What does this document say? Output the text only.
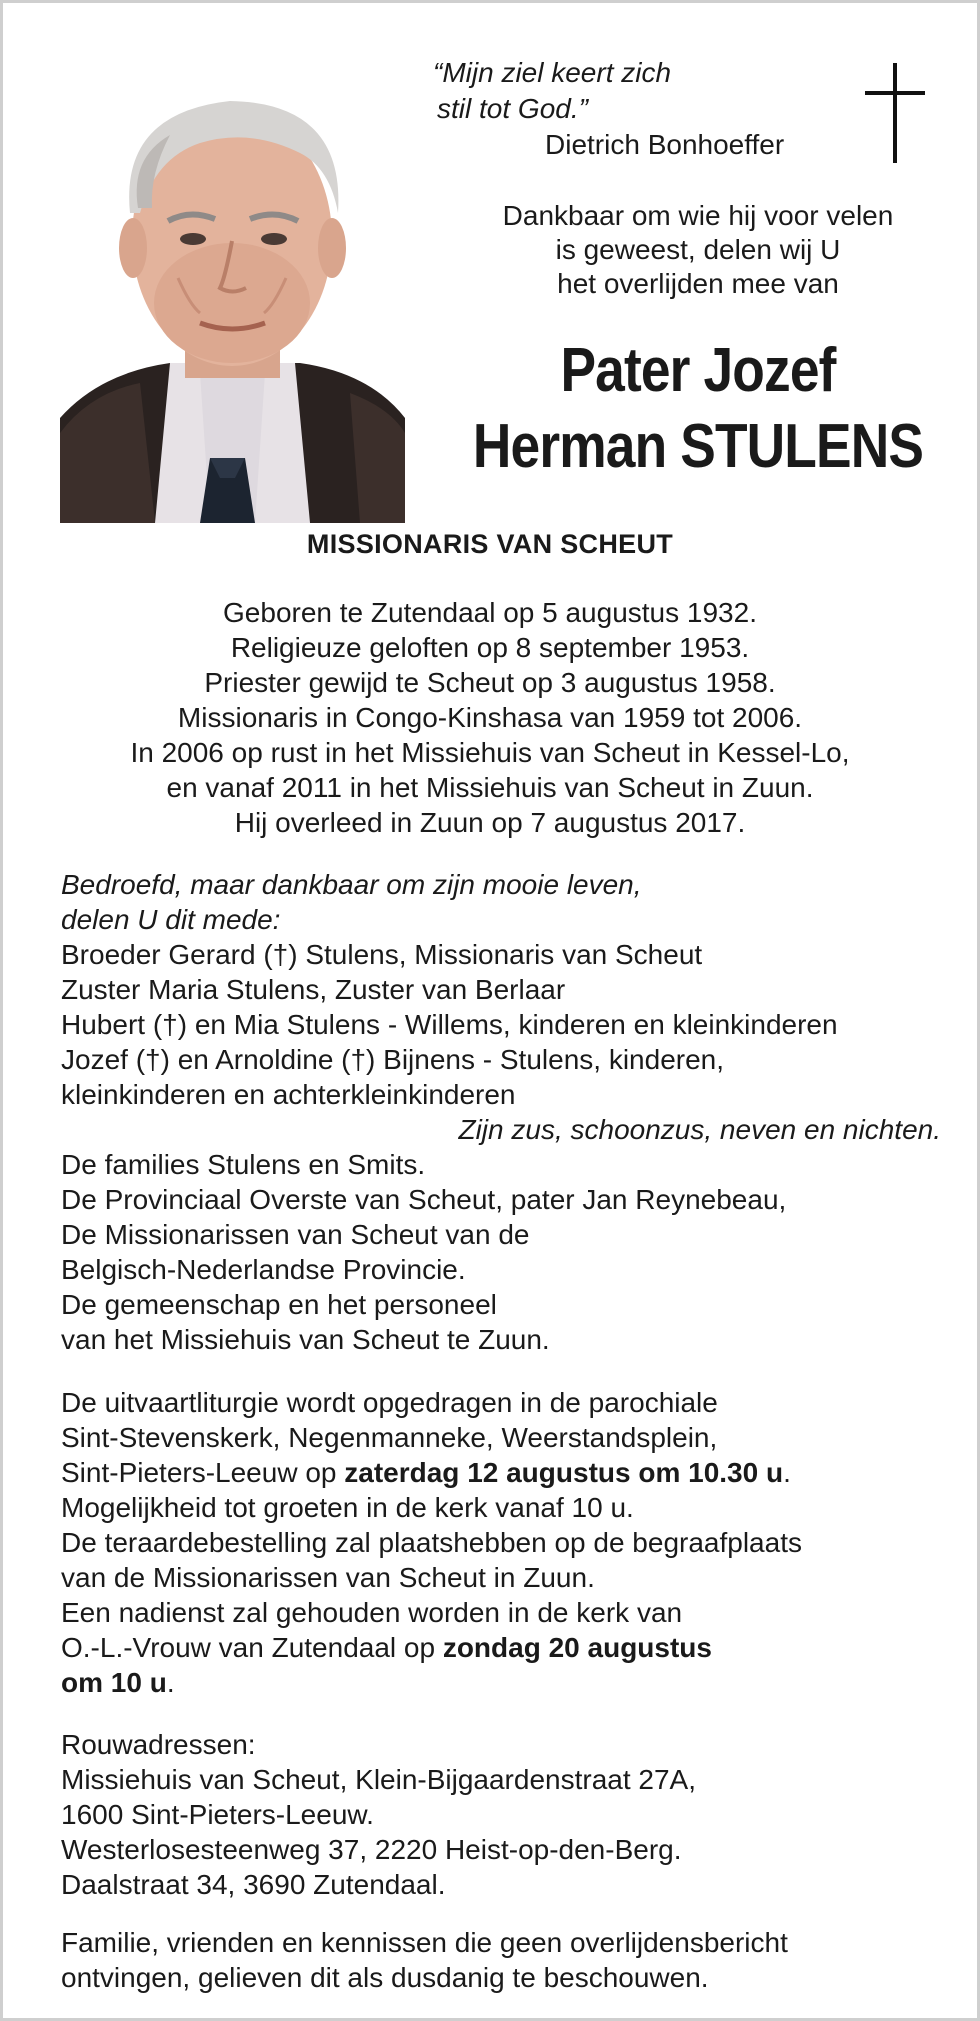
“Mijn ziel keert zich
stil tot God.”
Dietrich Bonhoeffer

Dankbaar om wie hij voor velen

is geweest, delen wij U

het overlijden mee van

Pater Jozef

Herman STULENS

MISSIONARIS VAN SCHEUT

Geboren te Zutendaal op 5 augustus 1932.

Religieuze geloften op 8 september 1953.

Priester gewijd te Scheut op 3 augustus 1958.

Missionaris in Congo-Kinshasa van 1959 tot 2006.

In 2006 op rust in het Missiehuis van Scheut in Kessel-Lo,

en vanaf 2011 in het Missiehuis van Scheut in Zuun.

Hij overleed in Zuun op 7 augustus 2017.

Bedroefd, maar dankbaar om zijn mooie leven,

delen U dit mede:

Broeder Gerard (†) Stulens, Missionaris van Scheut

Zuster Maria Stulens, Zuster van Berlaar

Hubert (†) en Mia Stulens - Willems, kinderen en kleinkinderen

Jozef (†) en Arnoldine (†) Bijnens - Stulens, kinderen,

kleinkinderen en achterkleinkinderen

Zijn zus, schoonzus, neven en nichten.

De families Stulens en Smits.

De Provinciaal Overste van Scheut, pater Jan Reynebeau,

De Missionarissen van Scheut van de

Belgisch-Nederlandse Provincie.

De gemeenschap en het personeel

van het Missiehuis van Scheut te Zuun.

De uitvaartliturgie wordt opgedragen in de parochiale

Sint-Stevenskerk, Negenmanneke, Weerstandsplein,

Sint-Pieters-Leeuw op zaterdag 12 augustus om 10.30 u.

Mogelijkheid tot groeten in de kerk vanaf 10 u.

De teraardebestelling zal plaatshebben op de begraafplaats

van de Missionarissen van Scheut in Zuun.

Een nadienst zal gehouden worden in de kerk van

O.-L.-Vrouw van Zutendaal op zondag 20 augustus

om 10 u.

Rouwadressen:

Missiehuis van Scheut, Klein-Bijgaardenstraat 27A,

1600 Sint-Pieters-Leeuw.

Westerlosesteenweg 37, 2220 Heist-op-den-Berg.

Daalstraat 34, 3690 Zutendaal.

Familie, vrienden en kennissen die geen overlijdensbericht

ontvingen, gelieven dit als dusdanig te beschouwen.
